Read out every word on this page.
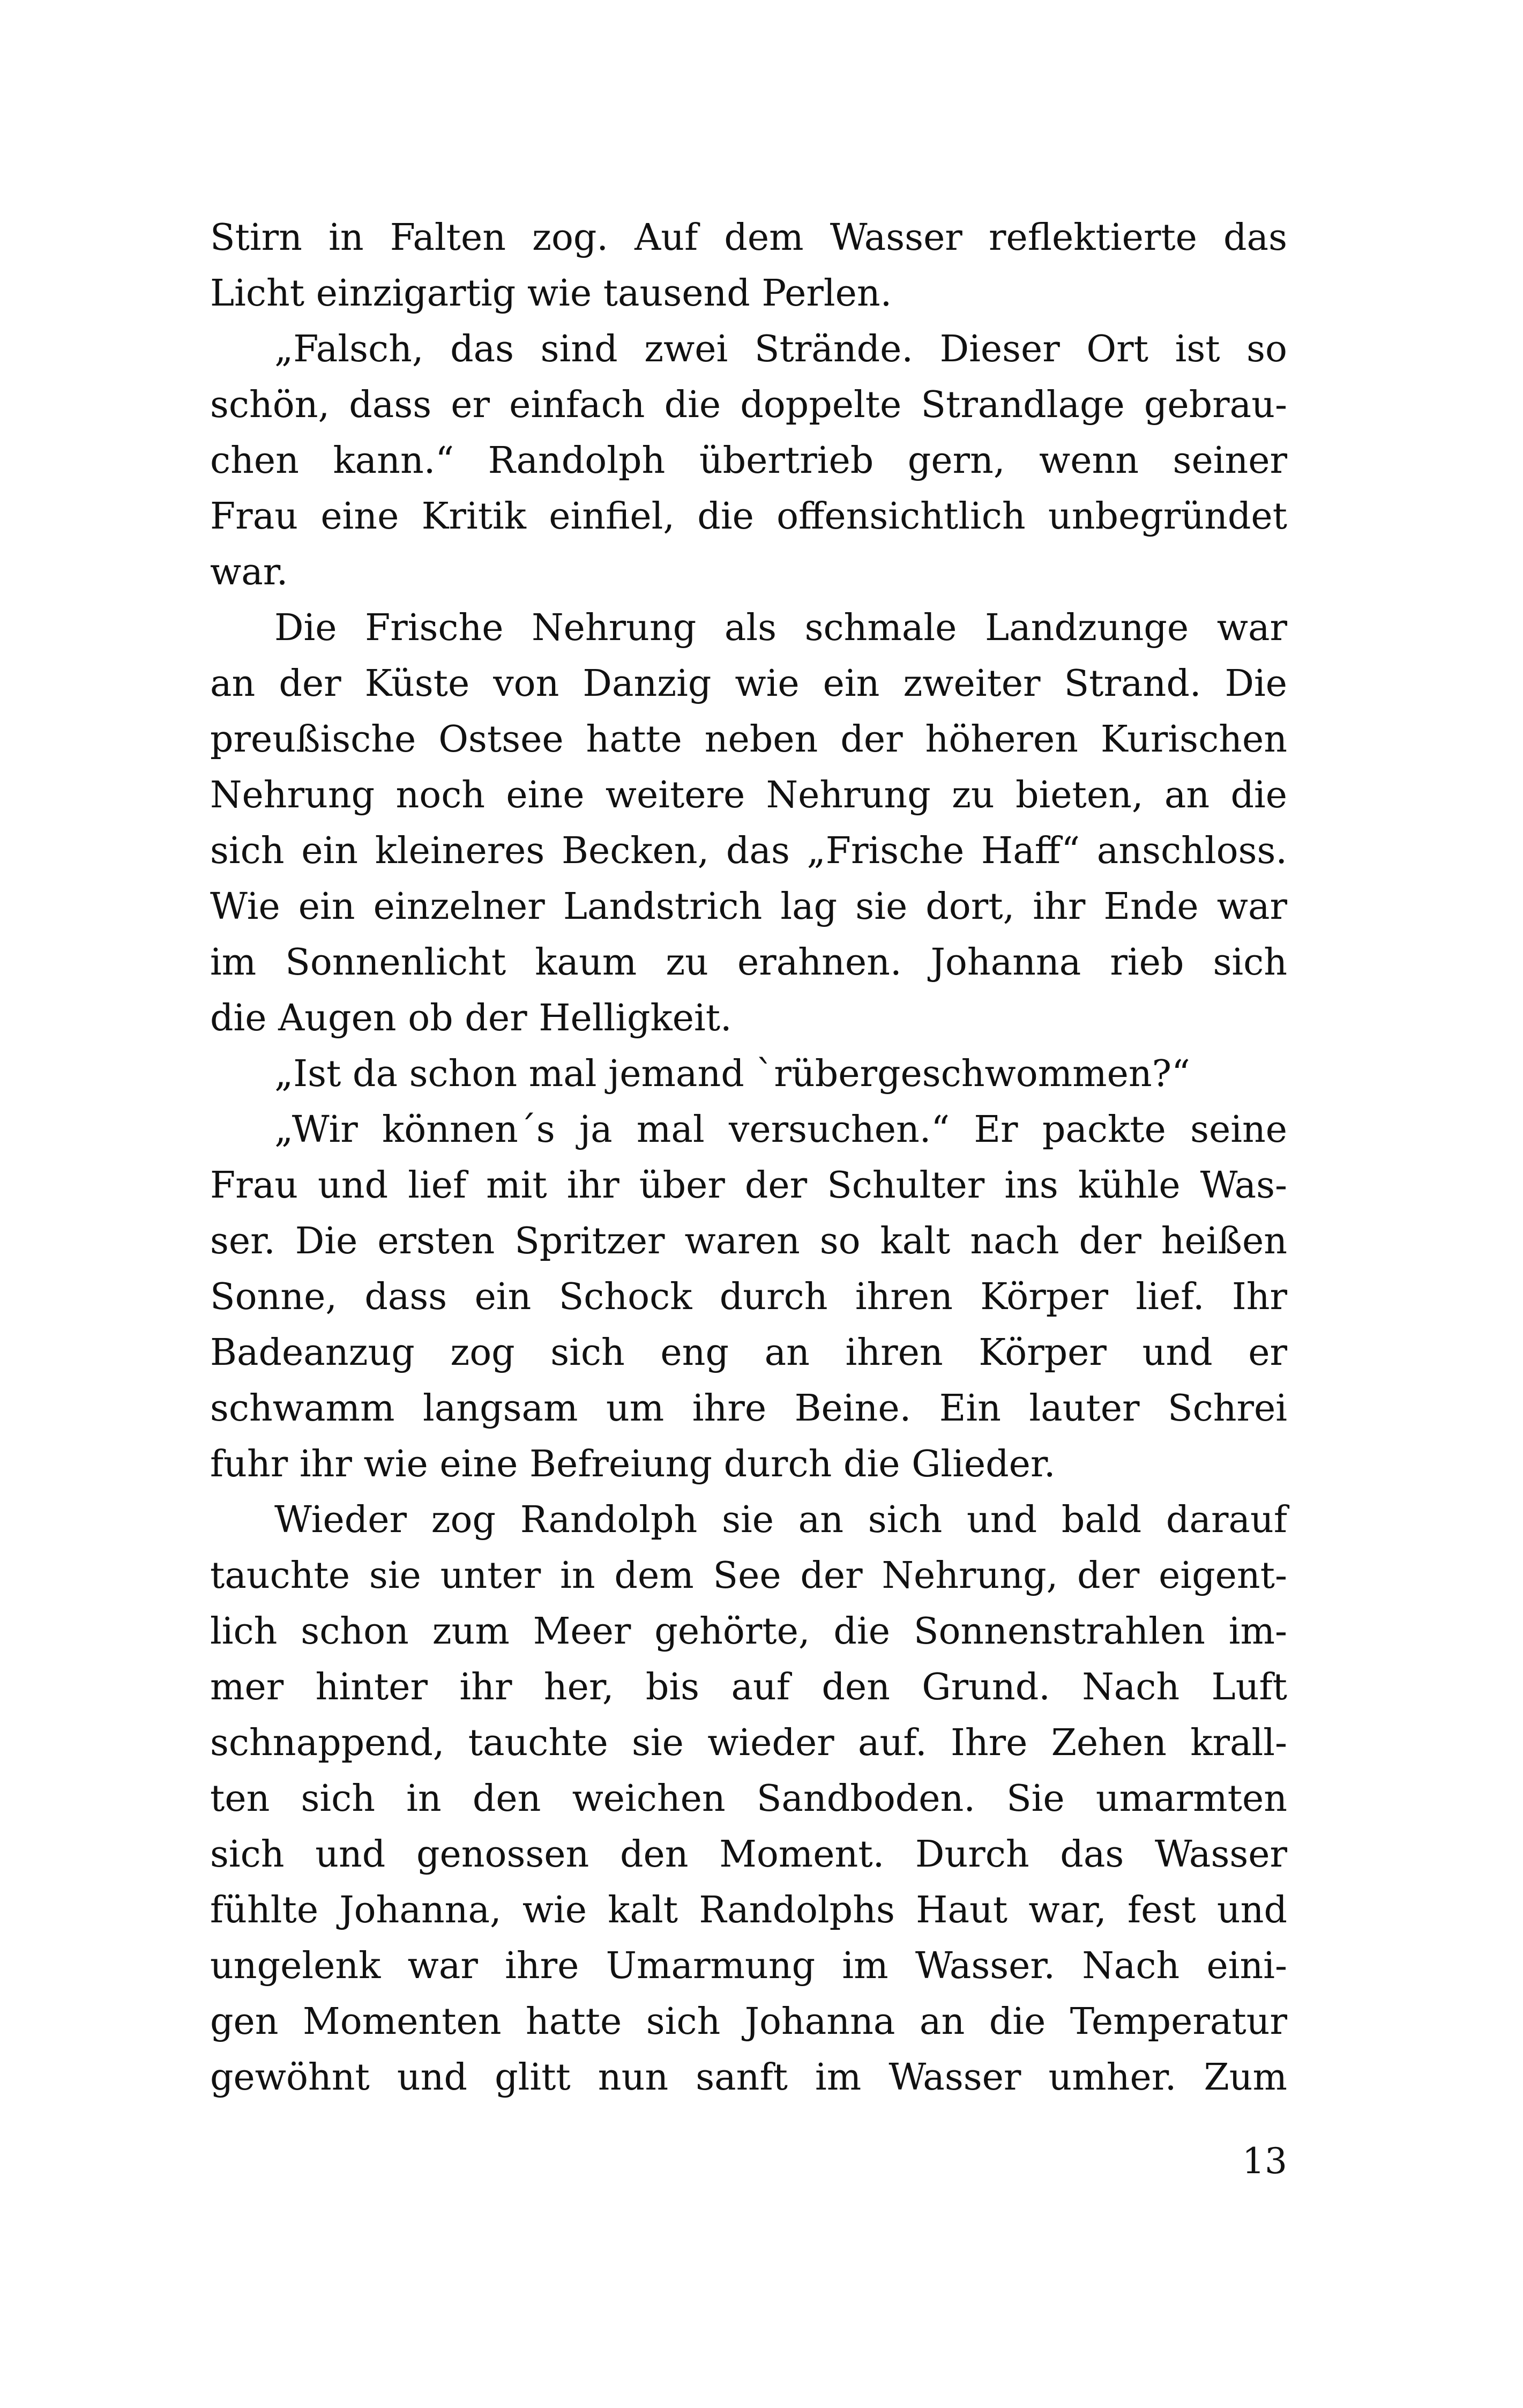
Stirn in Falten zog. Auf dem Wasser reflektierte das
Licht einzigartig wie tausend Perlen.
„Falsch, das sind zwei Strände. Dieser Ort ist so
schön, dass er einfach die doppelte Strandlage gebrau-
chen kann.“ Randolph übertrieb gern, wenn seiner
Frau eine Kritik einfiel, die offensichtlich unbegründet
war.
Die Frische Nehrung als schmale Landzunge war
an der Küste von Danzig wie ein zweiter Strand. Die
preußische Ostsee hatte neben der höheren Kurischen
Nehrung noch eine weitere Nehrung zu bieten, an die
sich ein kleineres Becken, das „Frische Haff“ anschloss.
Wie ein einzelner Landstrich lag sie dort, ihr Ende war
im Sonnenlicht kaum zu erahnen. Johanna rieb sich
die Augen ob der Helligkeit.
„Ist da schon mal jemand `rübergeschwommen?“
„Wir können´s ja mal versuchen.“ Er packte seine
Frau und lief mit ihr über der Schulter ins kühle Was-
ser. Die ersten Spritzer waren so kalt nach der heißen
Sonne, dass ein Schock durch ihren Körper lief. Ihr
Badeanzug zog sich eng an ihren Körper und er
schwamm langsam um ihre Beine. Ein lauter Schrei
fuhr ihr wie eine Befreiung durch die Glieder.
Wieder zog Randolph sie an sich und bald darauf
tauchte sie unter in dem See der Nehrung, der eigent-
lich schon zum Meer gehörte, die Sonnenstrahlen im-
mer hinter ihr her, bis auf den Grund. Nach Luft
schnappend, tauchte sie wieder auf. Ihre Zehen krall-
ten sich in den weichen Sandboden. Sie umarmten
sich und genossen den Moment. Durch das Wasser
fühlte Johanna, wie kalt Randolphs Haut war, fest und
ungelenk war ihre Umarmung im Wasser. Nach eini-
gen Momenten hatte sich Johanna an die Temperatur
gewöhnt und glitt nun sanft im Wasser umher. Zum
13
